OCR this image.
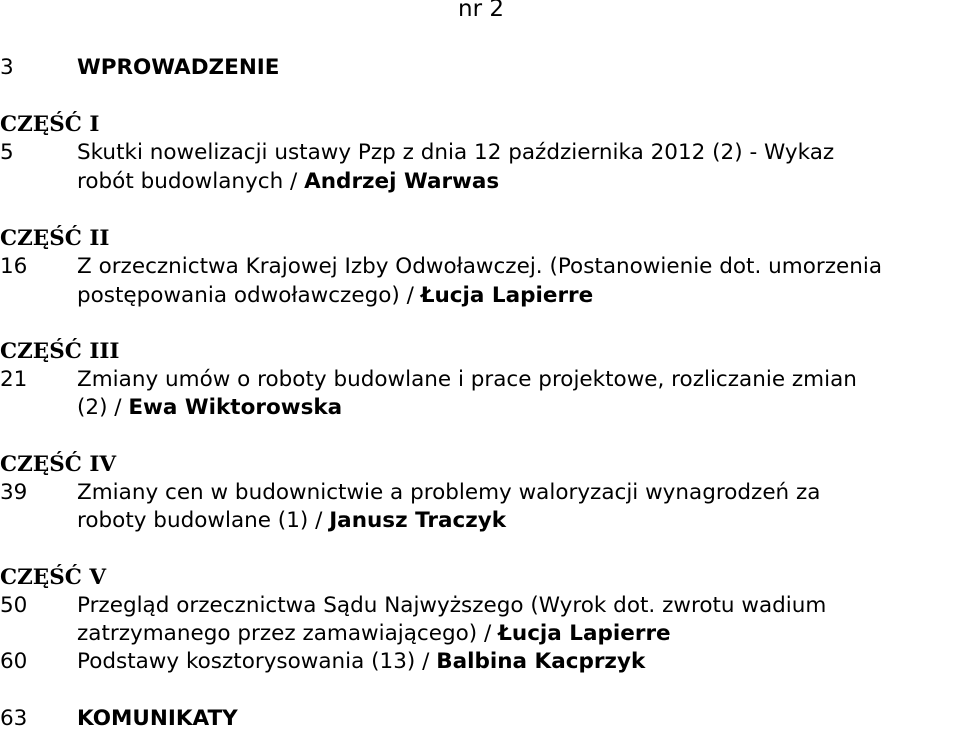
nr 2
3	WPROWADZENIE
CZĘŚĆ I
5	Skutki nowelizacji ustawy Pzp z dnia 12 października 2012 (2) - Wykaz
robót budowlanych / Andrzej Warwas
CZĘŚĆ II
16 Z orzecznictwa Krajowej Izby Odwoławczej. (Postanowienie dot. umorzenia
postępowania odwoławczego) / Łucja Lapierre
CZĘŚĆ III
21 Zmiany umów o roboty budowlane i prace projektowe, rozliczanie zmian
(2) / Ewa Wiktorowska
CZĘŚĆ IV
39 Zmiany cen w budownictwie a problemy waloryzacji wynagrodzeń za
roboty budowlane (1) / Janusz Traczyk
CZĘŚĆ V
50 Przegląd orzecznictwa Sądu Najwyższego (Wyrok dot. zwrotu wadium
zatrzymanego przez zamawiającego) / Łucja Lapierre
60 Podstawy kosztorysowania (13) / Balbina Kacprzyk
63 KOMUNIKATY
